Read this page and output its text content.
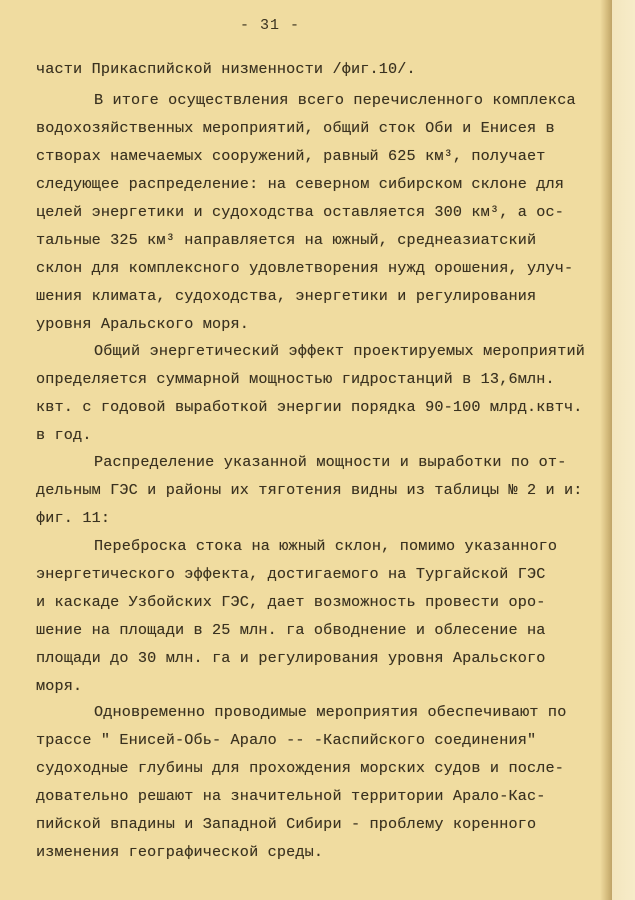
- 31 -
части Прикаспийской низменности /фиг.10/.
В итоге осуществления всего перечисленного комплекса
водохозяйственных мероприятий, общий сток Оби и Енисея в
створах намечаемых сооружений, равный 625 км³, получает
следующее распределение: на северном сибирском склоне для
целей энергетики и судоходства оставляется 300 км³, а ос-
тальные 325 км³ направляется на южный, среднеазиатский
склон для комплексного удовлетворения нужд орошения, улуч-
шения климата, судоходства, энергетики и регулирования
уровня Аральского моря.
Общий энергетический эффект проектируемых мероприятий
определяется суммарной мощностью гидростанций в 13,6млн.
квт. с годовой выработкой энергии порядка 90-100 млрд.квтч.
в год.
Распределение указанной мощности и выработки по от-
дельным ГЭС и районы их тяготения видны из таблицы № 2 и и:
фиг. 11:
Переброска стока на южный склон, помимо указанного
энергетического эффекта, достигаемого на Тургайской ГЭС
и каскаде Узбойских ГЭС, дает возможность провести оро-
шение на площади в 25 млн. га обводнение и облесение на
площади до 30 млн. га и регулирования уровня Аральского
моря.
Одновременно проводимые мероприятия обеспечивают по
трассе " Енисей-Обь- Арало -- -Каспийского соединения"
судоходные глубины для прохождения морских судов и после-
довательно решают на значительной территории Арало-Кас-
пийской впадины и Западной Сибири - проблему коренного
изменения географической среды.
